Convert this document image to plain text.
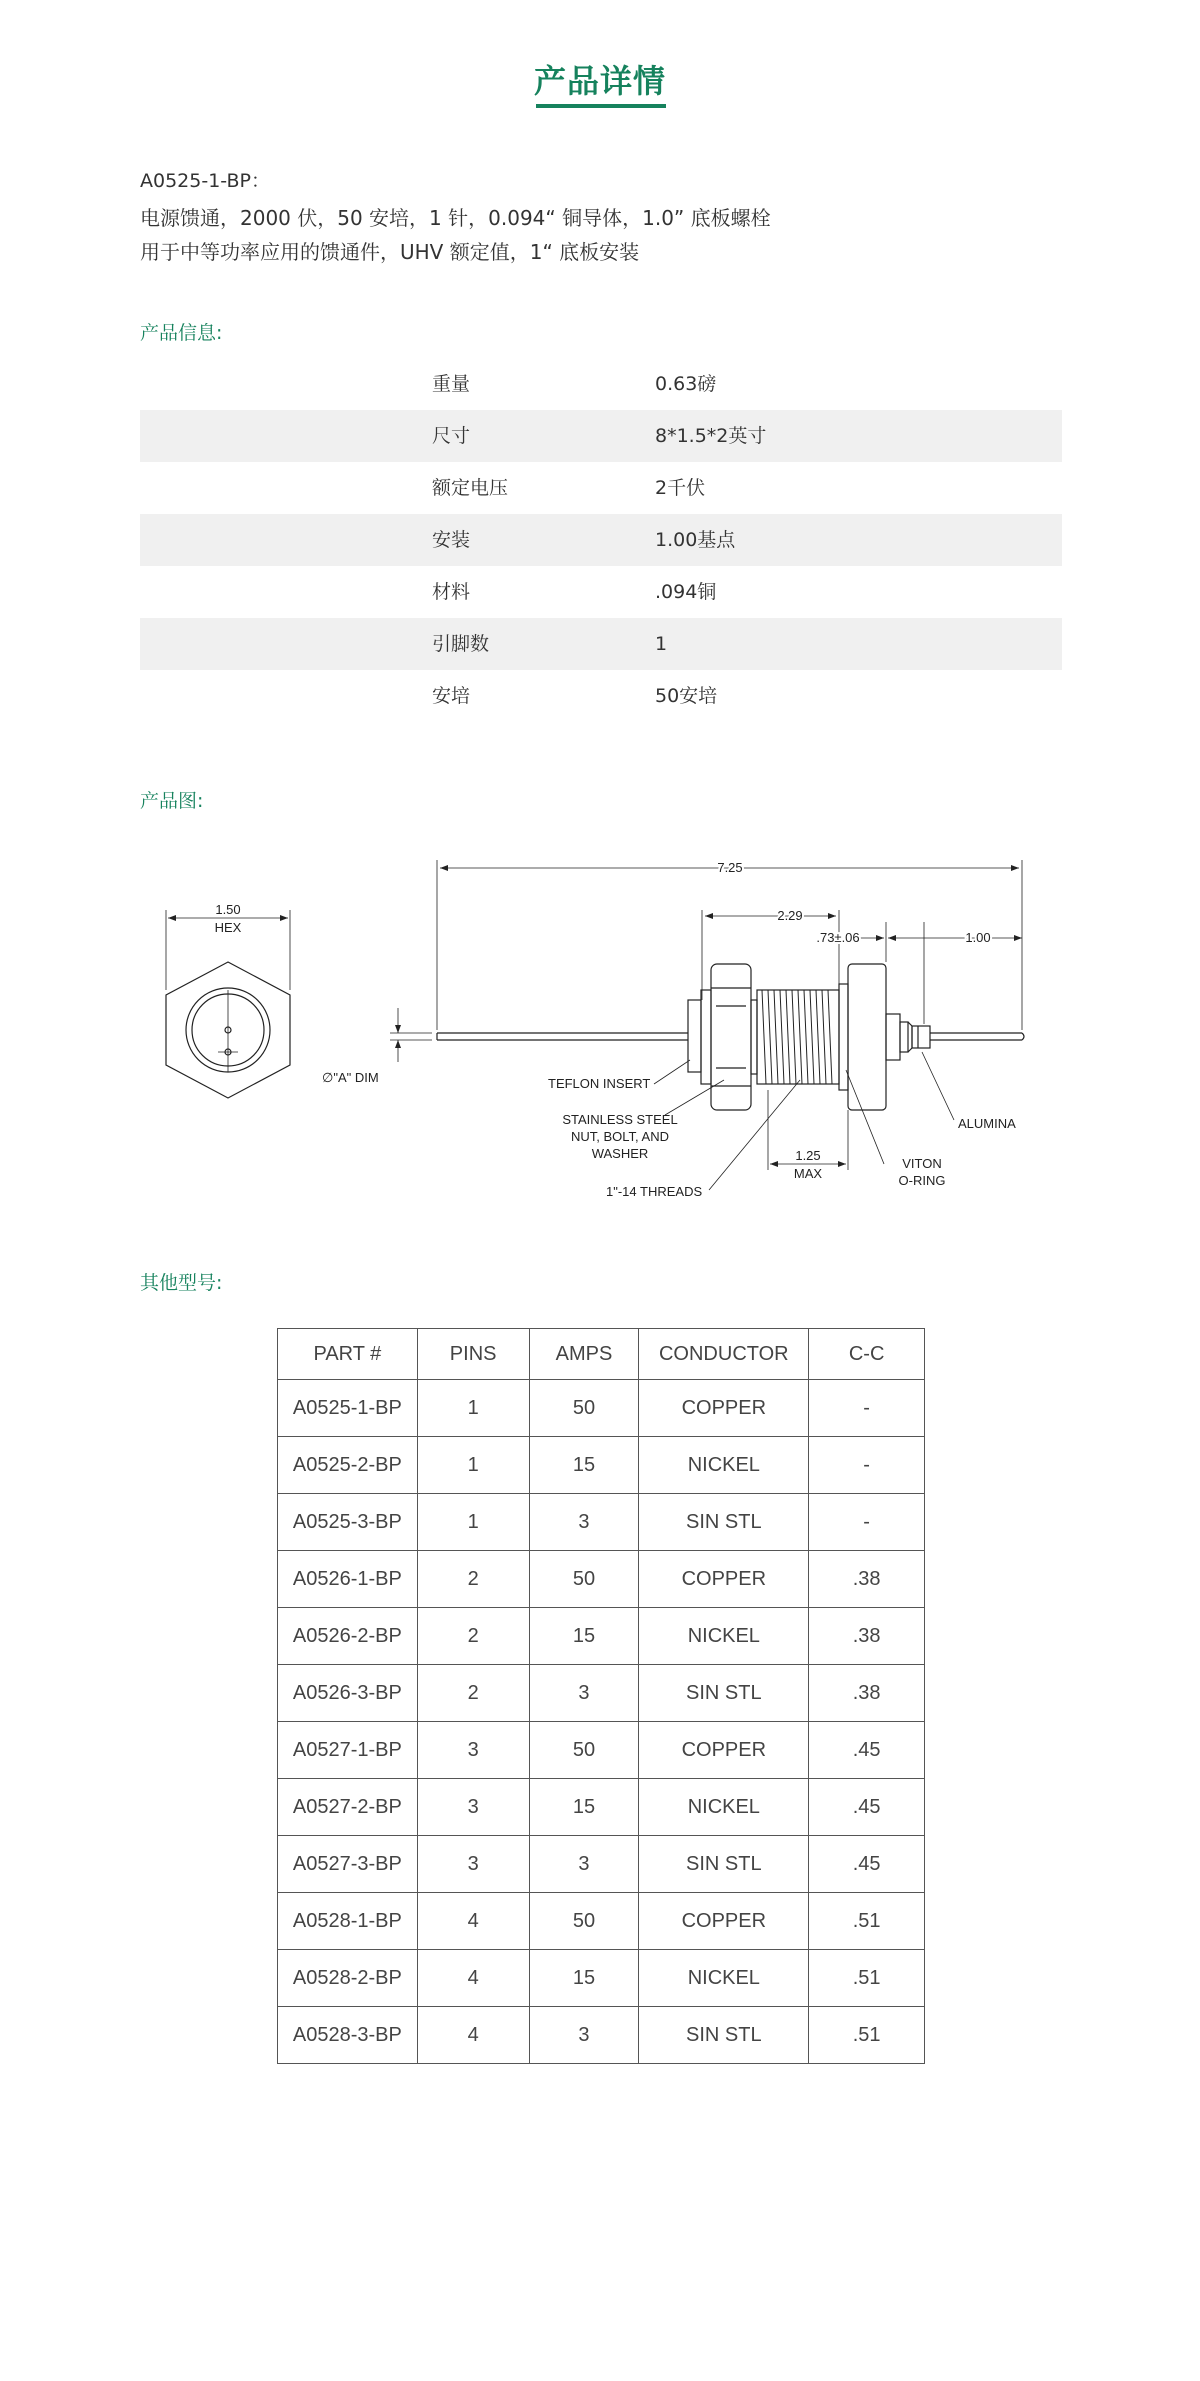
产品详情
A0525-1-BP：
电源馈通，2000 伏，50 安培，1 针，0.094“ 铜导体，1.0” 底板螺栓
用于中等功率应用的馈通件，UHV 额定值，1“ 底板安装
产品信息:
重量	0.63磅
尺寸	8*1.5*2英寸
额定电压	2千伏
安装	1.00基点
材料	.094铜
引脚数	1
安培	50安培
产品图:
1.50
HEX
7.25
2.29
.73±.06	1.00
1.25
MAX
∅"A" DIM	TEFLON INSERT
STAINLESS STEEL
NUT, BOLT, AND
WASHER
1"-14 THREADS
ALUMINA
VITON
O-RING
其他型号:
PART #	PINS	AMPS	CONDUCTOR	C-C
A0525-1-BP	1	50	COPPER	-
A0525-2-BP	1	15	NICKEL	-
A0525-3-BP	1	3	SIN STL	-
A0526-1-BP	2	50	COPPER	.38
A0526-2-BP	2	15	NICKEL	.38
A0526-3-BP	2	3	SIN STL	.38
A0527-1-BP	3	50	COPPER	.45
A0527-2-BP	3	15	NICKEL	.45
A0527-3-BP	3	3	SIN STL	.45
A0528-1-BP	4	50	COPPER	.51
A0528-2-BP	4	15	NICKEL	.51
A0528-3-BP	4	3	SIN STL	.51
